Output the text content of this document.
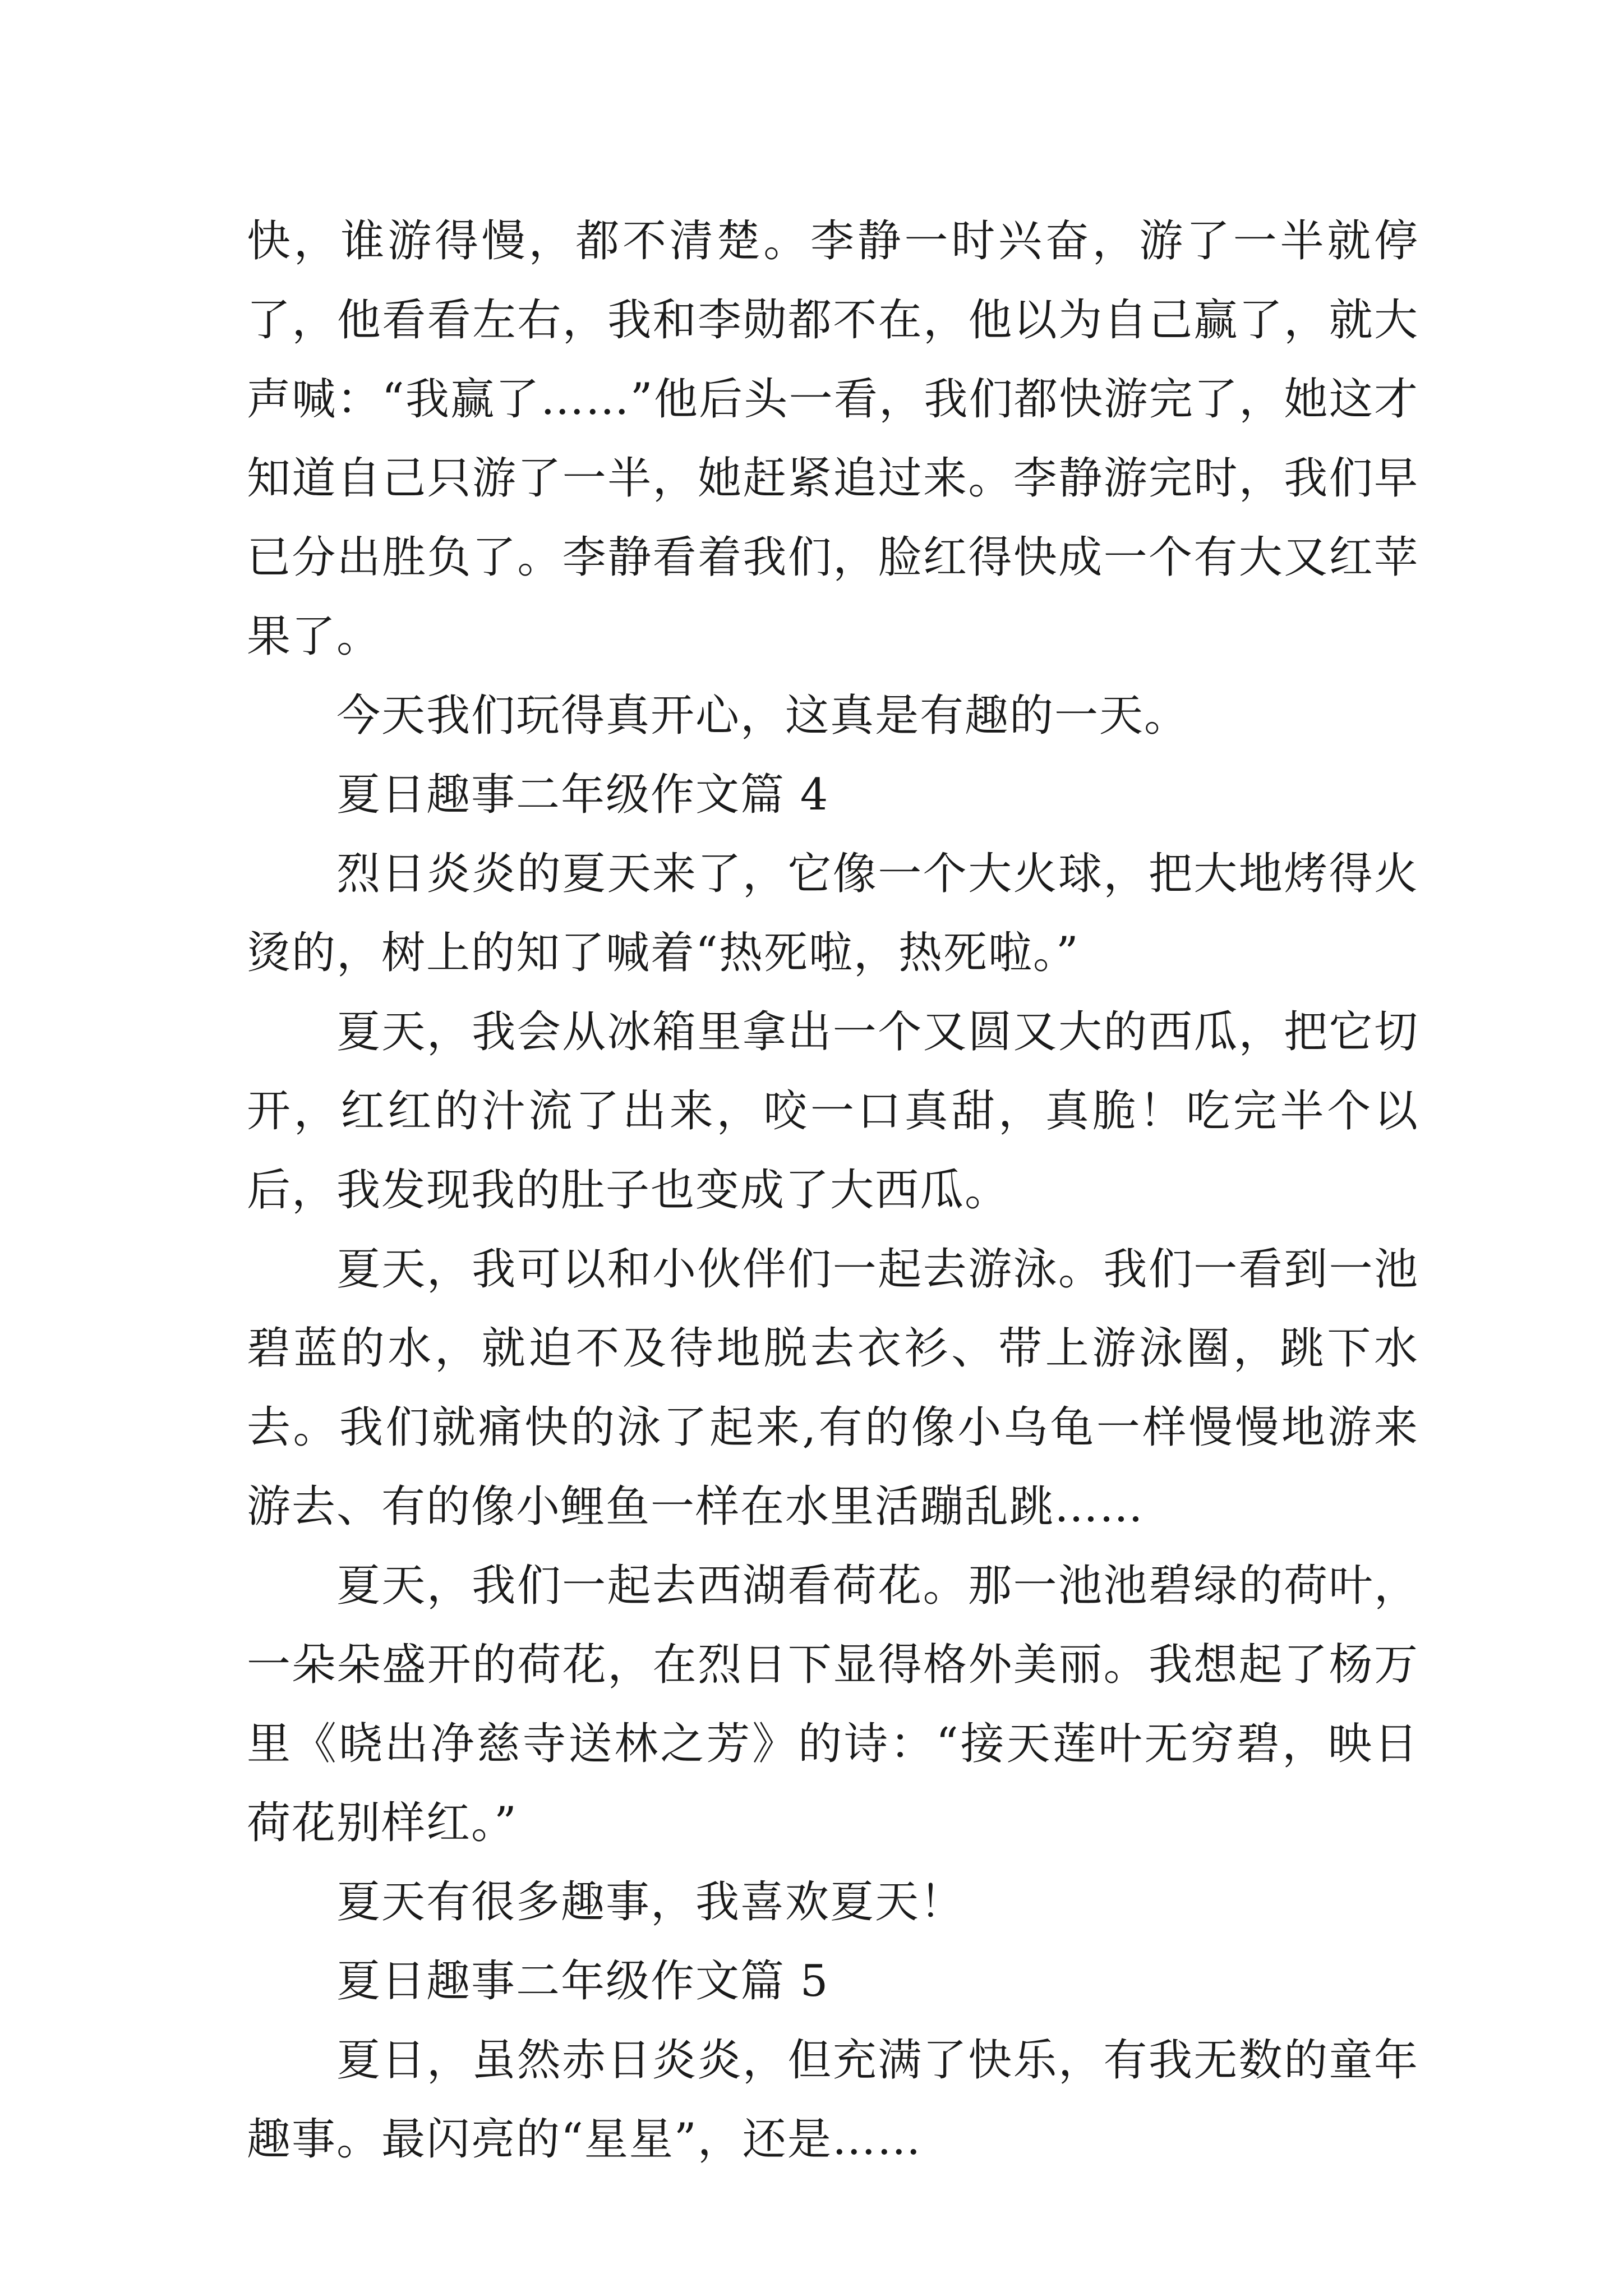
快，谁游得慢，都不清楚。李静一时兴奋，游了一半就停了，他看看左右，我和李勋都不在，他以为自己赢了，就大声喊：“我赢了……”他后头一看，我们都快游完了，她这才知道自己只游了一半，她赶紧追过来。李静游完时，我们早已分出胜负了。李静看着我们，脸红得快成一个有大又红苹果了。

今天我们玩得真开心，这真是有趣的一天。

夏日趣事二年级作文篇 4

烈日炎炎的夏天来了，它像一个大火球，把大地烤得火烫的，树上的知了喊着“热死啦，热死啦。”

夏天，我会从冰箱里拿出一个又圆又大的西瓜，把它切开，红红的汁流了出来，咬一口真甜，真脆！吃完半个以后，我发现我的肚子也变成了大西瓜。

夏天，我可以和小伙伴们一起去游泳。我们一看到一池碧蓝的水，就迫不及待地脱去衣衫、带上游泳圈，跳下水去。我们就痛快的泳了起来,有的像小乌龟一样慢慢地游来游去、有的像小鲤鱼一样在水里活蹦乱跳……

夏天，我们一起去西湖看荷花。那一池池碧绿的荷叶，一朵朵盛开的荷花，在烈日下显得格外美丽。我想起了杨万里《晓出净慈寺送林之芳》的诗：“接天莲叶无穷碧，映日荷花别样红。”

夏天有很多趣事，我喜欢夏天！

夏日趣事二年级作文篇 5

夏日，虽然赤日炎炎，但充满了快乐，有我无数的童年趣事。最闪亮的“星星”，还是……
